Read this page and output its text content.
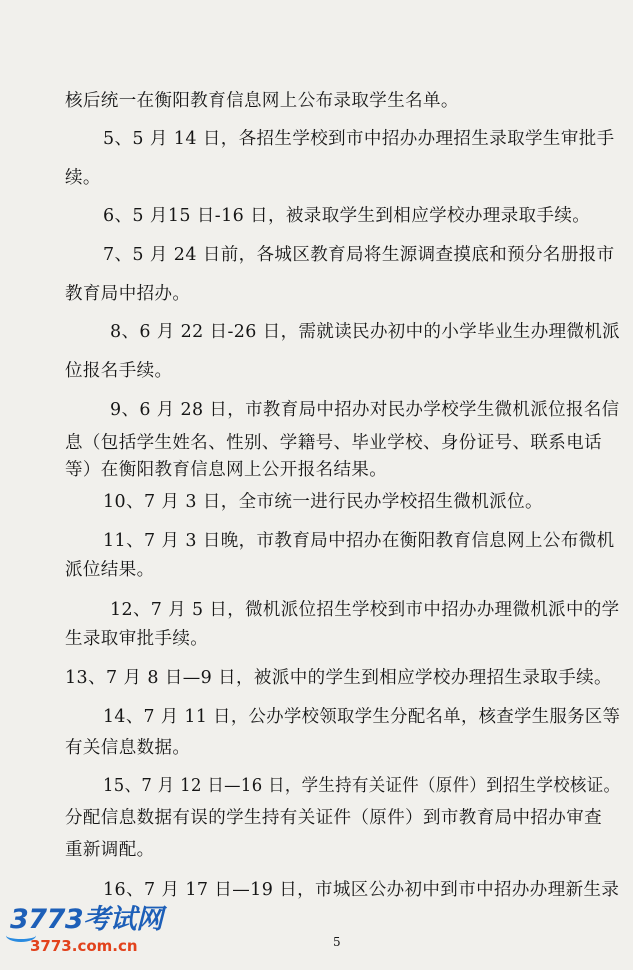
核后统一在衡阳教育信息网上公布录取学生名单。
5、5 月 14 日，各招生学校到市中招办办理招生录取学生审批手
续。
6、5 月15 日-16 日，被录取学生到相应学校办理录取手续。
7、5 月 24 日前，各城区教育局将生源调查摸底和预分名册报市
教育局中招办。
8、6 月 22 日-26 日，需就读民办初中的小学毕业生办理微机派
位报名手续。
9、6 月 28 日，市教育局中招办对民办学校学生微机派位报名信
息（包括学生姓名、性别、学籍号、毕业学校、身份证号、联系电话
等）在衡阳教育信息网上公开报名结果。
10、7 月 3 日，全市统一进行民办学校招生微机派位。
11、7 月 3 日晚，市教育局中招办在衡阳教育信息网上公布微机
派位结果。
12、7 月 5 日，微机派位招生学校到市中招办办理微机派中的学
生录取审批手续。
13、7 月 8 日—9 日，被派中的学生到相应学校办理招生录取手续。
14、7 月 11 日，公办学校领取学生分配名单，核查学生服务区等
有关信息数据。
15、7 月 12 日—16 日，学生持有关证件（原件）到招生学校核证。
分配信息数据有误的学生持有关证件（原件）到市教育局中招办审查
重新调配。
16、7 月 17 日—19 日，市城区公办初中到市中招办办理新生录
5
3773考试网
3773.com.cn
